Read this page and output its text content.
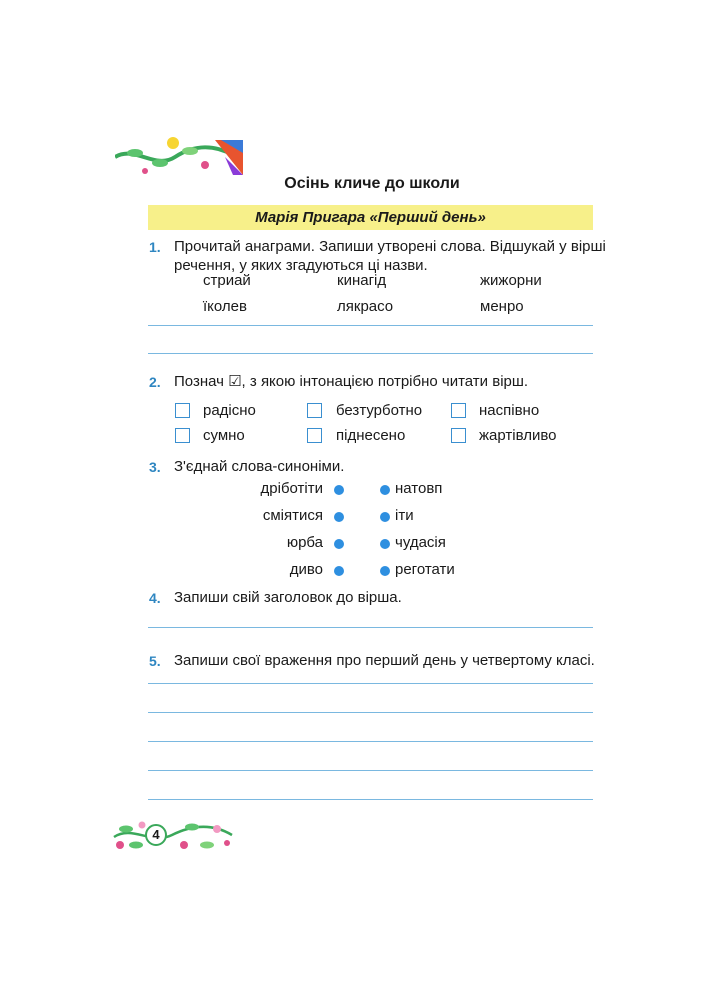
Осінь кличе до школи
Марія Пригара «Перший день»
1. Прочитай анаграми. Запиши утворені слова. Відшукай у вірші
речення, у яких згадуються ці назви.
стриай	кинагід	жижорни
їколев	лякрасо	менро
2. Познач ☑, з якою інтонацією потрібно читати вірш.
радісно	безтурботно	наспівно
сумно	піднесено	жартівливо
3. З'єднай слова-синоніми.
дріботіти	натовп
сміятися	іти
юрба	чудасія
диво	реготати
4. Запиши свій заголовок до вірша.
5. Запиши свої враження про перший день у четвертому класі.
4
